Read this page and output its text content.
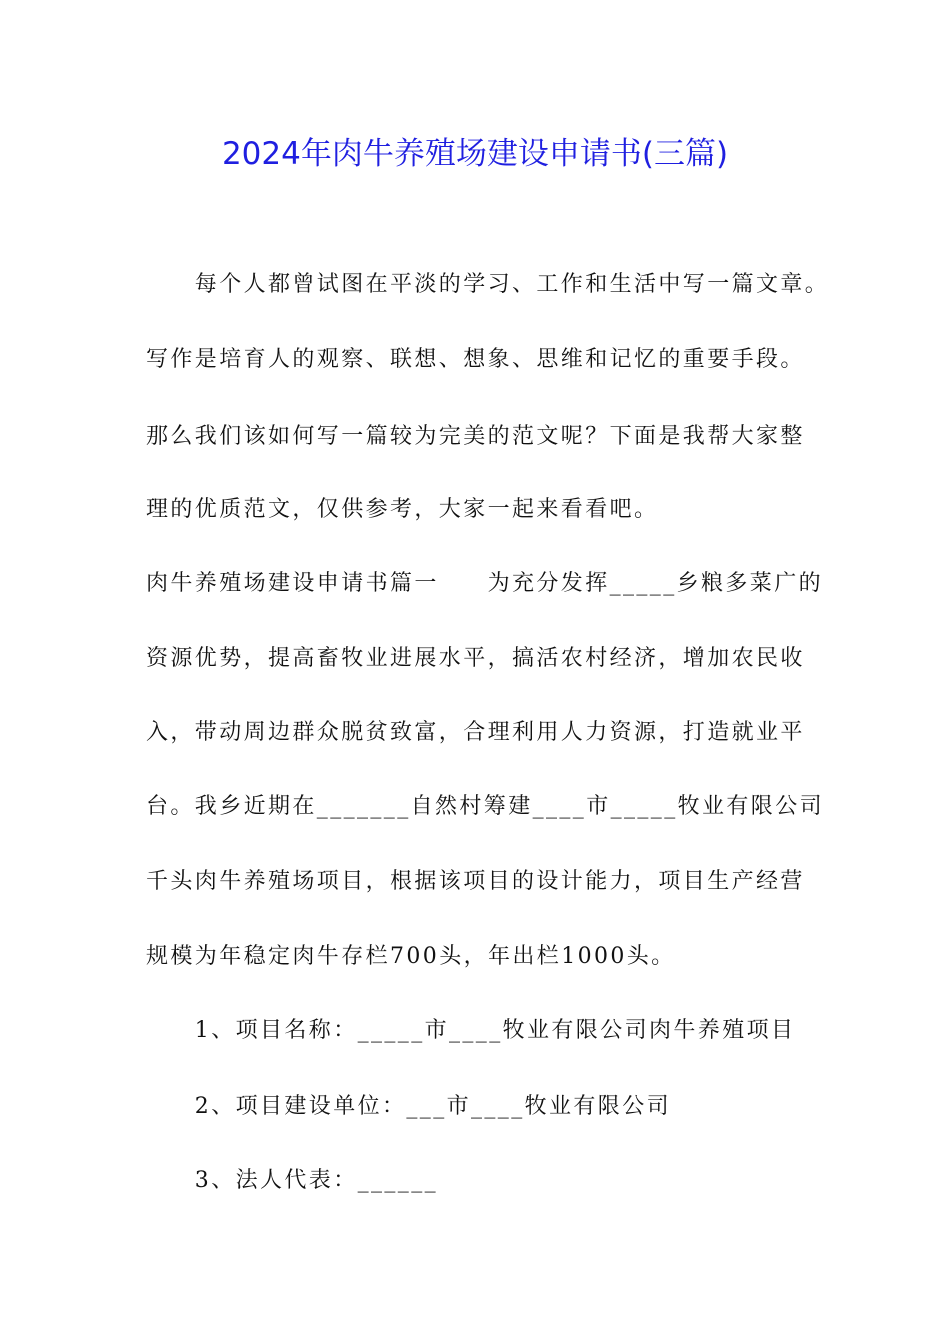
2024年肉牛养殖场建设申请书(三篇)

　　每个人都曾试图在平淡的学习、工作和生活中写一篇文章。

写作是培育人的观察、联想、想象、思维和记忆的重要手段。

那么我们该如何写一篇较为完美的范文呢？下面是我帮大家整

理的优质范文，仅供参考，大家一起来看看吧。

肉牛养殖场建设申请书篇一　　为充分发挥_____乡粮多菜广的

资源优势，提高畜牧业进展水平，搞活农村经济，增加农民收

入，带动周边群众脱贫致富，合理利用人力资源，打造就业平

台。我乡近期在_______自然村筹建____市_____牧业有限公司

千头肉牛养殖场项目，根据该项目的设计能力，项目生产经营

规模为年稳定肉牛存栏700头，年出栏1000头。

　　1、项目名称：_____市____牧业有限公司肉牛养殖项目

　　2、项目建设单位：___市____牧业有限公司

　　3、法人代表：______
